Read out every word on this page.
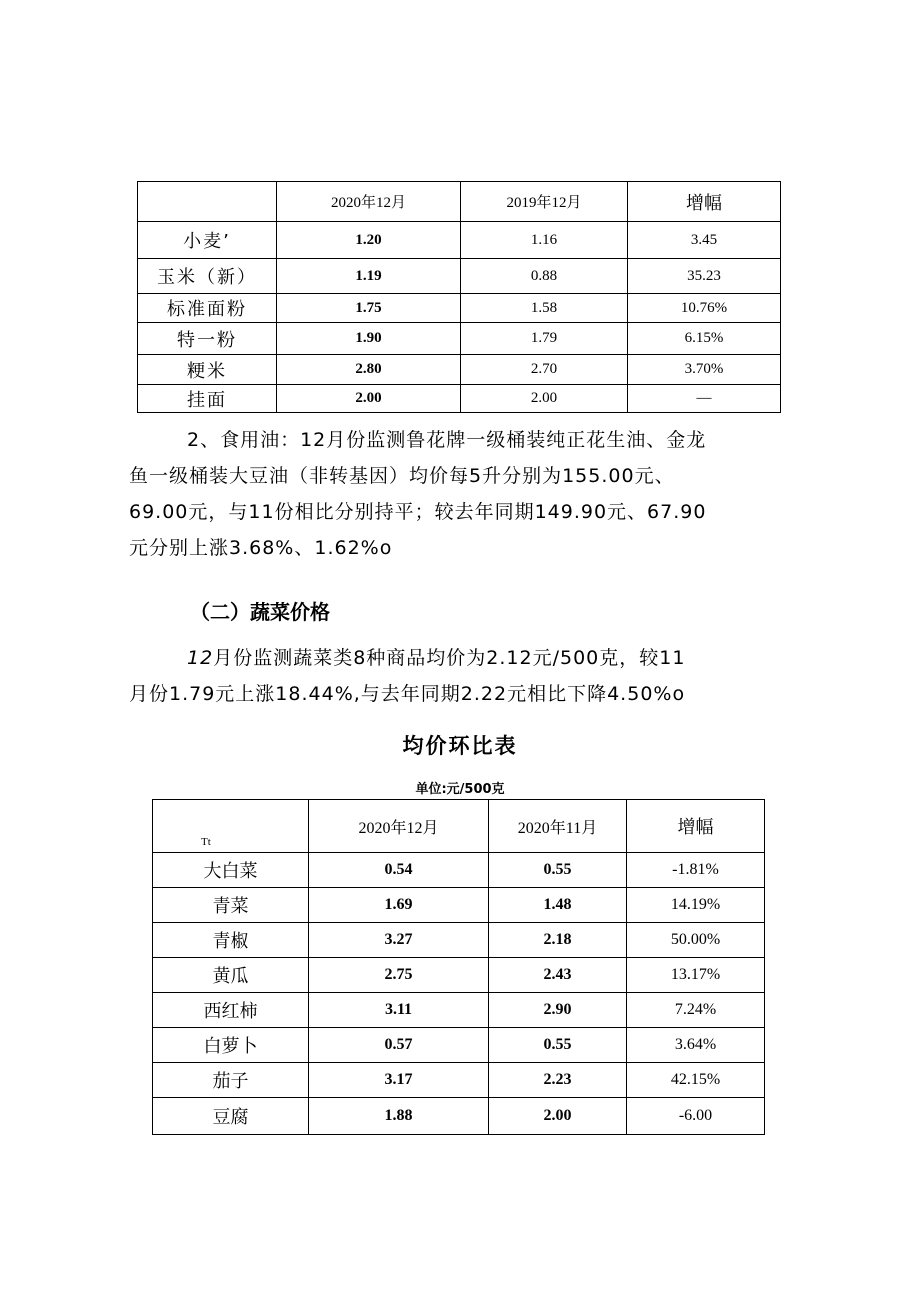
	2020年12月	2019年12月	增幅
小麦’	1.20	1.16	3.45
玉米（新）	1.19	0.88	35.23
标准面粉	1.75	1.58	10.76%
特一粉	1.90	1.79	6.15%
粳米	2.80	2.70	3.70%
挂面	2.00	2.00	—
2、食用油：12月份监测鲁花牌一级桶装纯正花生油、金龙
鱼一级桶装大豆油（非转基因）均价每5升分别为155.00元、
69.00元，与11份相比分别持平；较去年同期149.90元、67.90
元分别上涨3.68%、1.62%o
（二）蔬菜价格
12月份监测蔬菜类8种商品均价为2.12元/500克，较11
月份1.79元上涨18.44%,与去年同期2.22元相比下降4.50%o
均价环比表
单位:元/500克
Tt	2020年12月	2020年11月	增幅
大白菜	0.54	0.55	-1.81%
青菜	1.69	1.48	14.19%
青椒	3.27	2.18	50.00%
黄瓜	2.75	2.43	13.17%
西红柿	3.11	2.90	7.24%
白萝卜	0.57	0.55	3.64%
茄子	3.17	2.23	42.15%
豆腐	1.88	2.00	-6.00
